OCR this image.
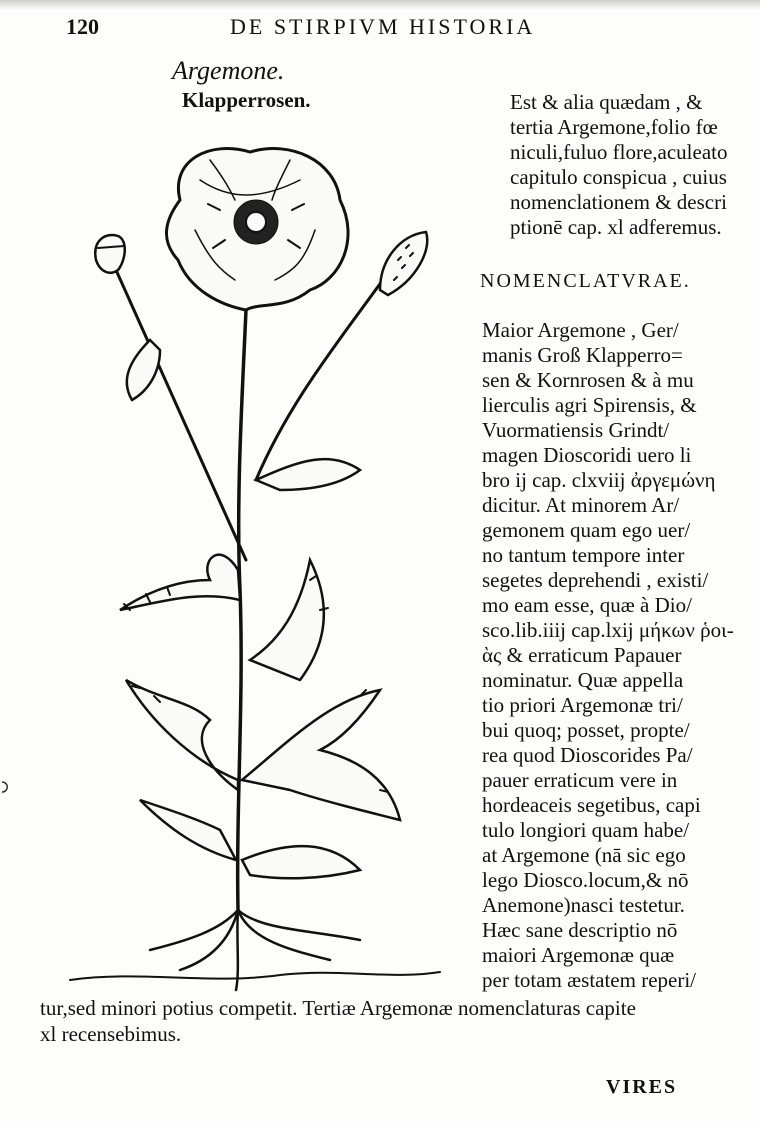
120	DE STIRPIVM HISTORIA
Argemone.
Klapperrosen.	Est & alia quædam , &
tertia Argemone,folio fœ
niculi,fuluo flore,aculeato
capitulo conspicua , cuius
nomenclationem & descri
ptionē cap. xl adferemus.
NOMENCLATVRAE.
Maior Argemone , Ger/
manis Groß Klapperro=
sen & Kornrosen & à mu
lierculis agri Spirensis, &
Vuormatiensis Grindt/
magen Dioscoridi uero li
bro ij cap. clxviij ἀργεμώνη
dicitur. At minorem Ar/
gemonem quam ego uer/
no tantum tempore inter
segetes deprehendi , existi/
mo eam esse, quæ à Dio/
sco.lib.iiij cap.lxij μήκων ῥοι-
ὰς & erraticum Papauer
nominatur. Quæ appella
tio priori Argemonæ tri/
bui quoq; posset, propte/
rea quod Dioscorides Pa/
pauer erraticum vere in
hordeaceis segetibus, capi
tulo longiori quam habe/
at Argemone (nā sic ego
lego Diosco.locum,& nō
Anemone)nasci testetur.
Hæc sane descriptio nō
maiori Argemonæ quæ
per totam æstatem reperi/
tur,sed minori potius competit. Tertiæ Argemonæ nomenclaturas capite
xl recensebimus.
VIRES
